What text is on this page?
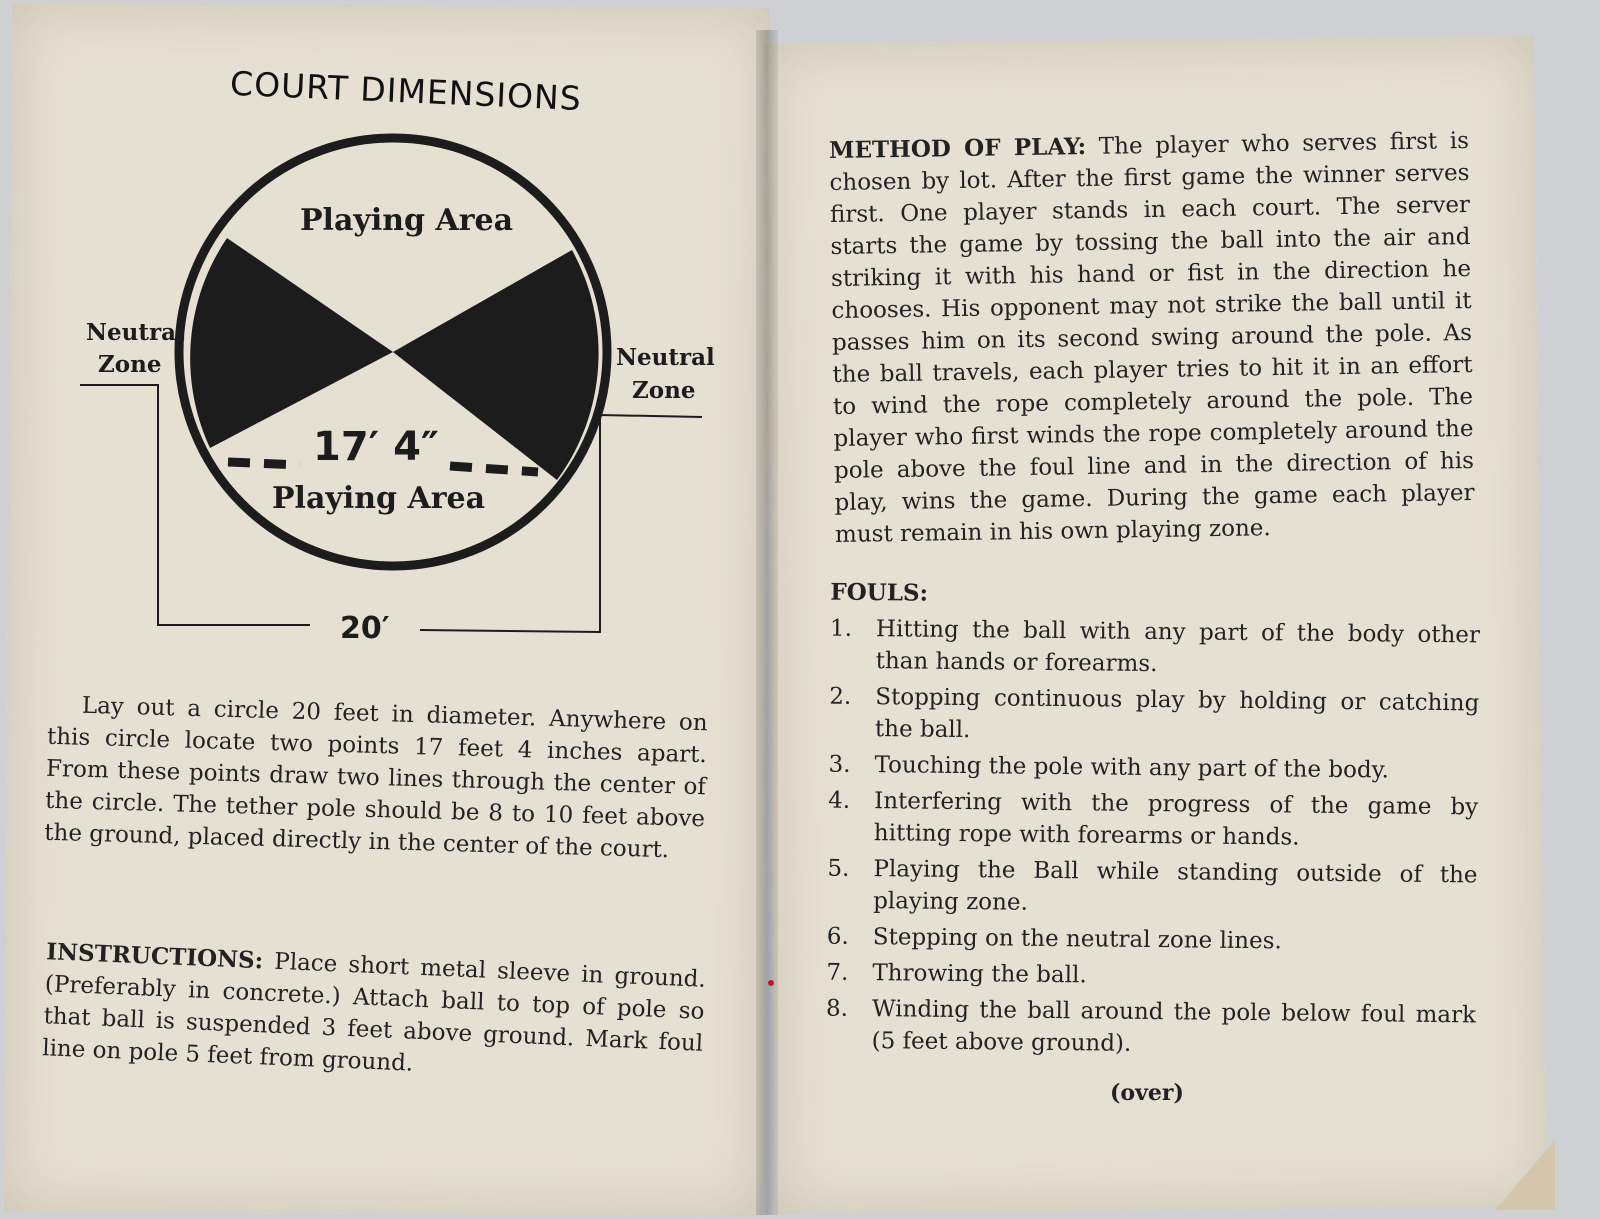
COURT DIMENSIONS
Playing Area
Playing Area
17′ 4″
Neutral
Zone	Neutral
Zone
20′
Lay out a circle 20 feet in diameter. Anywhere on this circle locate two points 17 feet 4 inches apart. From these points draw two lines through the center of the circle. The tether pole should be 8 to 10 feet above the ground, placed directly in the center of the court.
INSTRUCTIONS: Place short metal sleeve in ground. (Preferably in concrete.) Attach ball to top of pole so that ball is suspended 3 feet above ground. Mark foul line on pole 5 feet from ground.
METHOD OF PLAY: The player who serves first is chosen by lot. After the first game the winner serves first. One player stands in each court. The server starts the game by tossing the ball into the air and striking it with his hand or fist in the direction he chooses. His opponent may not strike the ball until it passes him on its second swing around the pole. As the ball travels, each player tries to hit it in an effort to wind the rope completely around the pole. The player who first winds the rope completely around the pole above the foul line and in the direction of his play, wins the game. During the game each player must remain in his own playing zone.
FOULS:
1.	Hitting the ball with any part of the body other than hands or forearms.
2.	Stopping continuous play by holding or catching the ball.
3.	Touching the pole with any part of the body.
4.	Interfering with the progress of the game by hitting rope with forearms or hands.
5.	Playing the Ball while standing outside of the playing zone.
6.	Stepping on the neutral zone lines.
7.	Throwing the ball.
8.	Winding the ball around the pole below foul mark (5 feet above ground).
(over)
